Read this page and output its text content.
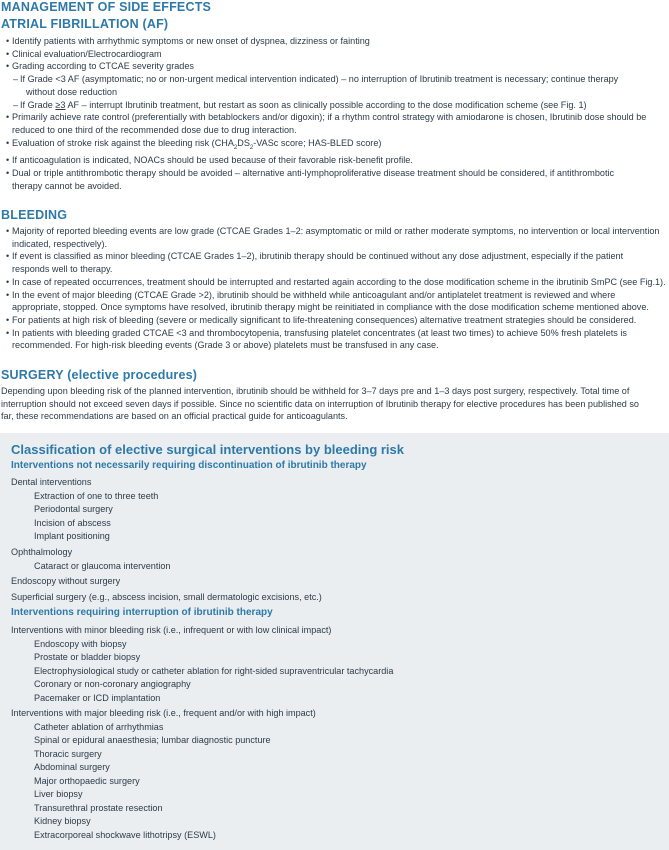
MANAGEMENT OF SIDE EFFECTS
ATRIAL FIBRILLATION (AF)
• Identify patients with arrhythmic symptoms or new onset of dyspnea, dizziness or fainting
• Clinical evaluation/Electrocardiogram
• Grading according to CTCAE severity grades
– If Grade <3 AF (asymptomatic; no or non-urgent medical intervention indicated) – no interruption of Ibrutinib treatment is necessary; continue therapy
without dose reduction
– If Grade ≥3 AF – interrupt Ibrutinib treatment, but restart as soon as clinically possible according to the dose modification scheme (see Fig. 1)
• Primarily achieve rate control (preferentially with betablockers and/or digoxin); if a rhythm control strategy with amiodarone is chosen, Ibrutinib dose should be
reduced to one third of the recommended dose due to drug interaction.
• Evaluation of stroke risk against the bleeding risk ($CHA_2DS_2$-VASc score; HAS-BLED score)
• If anticoagulation is indicated, NOACs should be used because of their favorable risk-benefit profile.
• Dual or triple antithrombotic therapy should be avoided – alternative anti-lymphoproliferative disease treatment should be considered, if antithrombotic
therapy cannot be avoided.
BLEEDING
• Majority of reported bleeding events are low grade (CTCAE Grades 1–2: asymptomatic or mild or rather moderate symptoms, no intervention or local intervention
indicated, respectively).
• If event is classified as minor bleeding (CTCAE Grades 1–2), ibrutinib therapy should be continued without any dose adjustment, especially if the patient
responds well to therapy.
• In case of repeated occurrences, treatment should be interrupted and restarted again according to the dose modification scheme in the ibrutinib SmPC (see Fig.1).
• In the event of major bleeding (CTCAE Grade >2), ibrutinib should be withheld while anticoagulant and/or antiplatelet treatment is reviewed and where
appropriate, stopped. Once symptoms have resolved, ibrutinib therapy might be reinitiated in compliance with the dose modification scheme mentioned above.
• For patients at high risk of bleeding (severe or medically significant to life-threatening consequences) alternative treatment strategies should be considered.
• In patients with bleeding graded CTCAE <3 and thrombocytopenia, transfusing platelet concentrates (at least two times) to achieve 50% fresh platelets is
recommended. For high-risk bleeding events (Grade 3 or above) platelets must be transfused in any case.
SURGERY (elective procedures)
Depending upon bleeding risk of the planned intervention, ibrutinib should be withheld for 3–7 days pre and 1–3 days post surgery, respectively. Total time of
interruption should not exceed seven days if possible. Since no scientific data on interruption of Ibrutinib therapy for elective procedures has been published so
far, these recommendations are based on an official practical guide for anticoagulants.
Classification of elective surgical interventions by bleeding risk
Interventions not necessarily requiring discontinuation of ibrutinib therapy
Dental interventions
Extraction of one to three teeth
Periodontal surgery
Incision of abscess
Implant positioning
Ophthalmology
Cataract or glaucoma intervention
Endoscopy without surgery
Superficial surgery (e.g., abscess incision, small dermatologic excisions, etc.)
Interventions requiring interruption of ibrutinib therapy
Interventions with minor bleeding risk (i.e., infrequent or with low clinical impact)
Endoscopy with biopsy
Prostate or bladder biopsy
Electrophysiological study or catheter ablation for right-sided supraventricular tachycardia
Coronary or non-coronary angiography
Pacemaker or ICD implantation
Interventions with major bleeding risk (i.e., frequent and/or with high impact)
Catheter ablation of arrhythmias
Spinal or epidural anaesthesia; lumbar diagnostic puncture
Thoracic surgery
Abdominal surgery
Major orthopaedic surgery
Liver biopsy
Transurethral prostate resection
Kidney biopsy
Extracorporeal shockwave lithotripsy (ESWL)
